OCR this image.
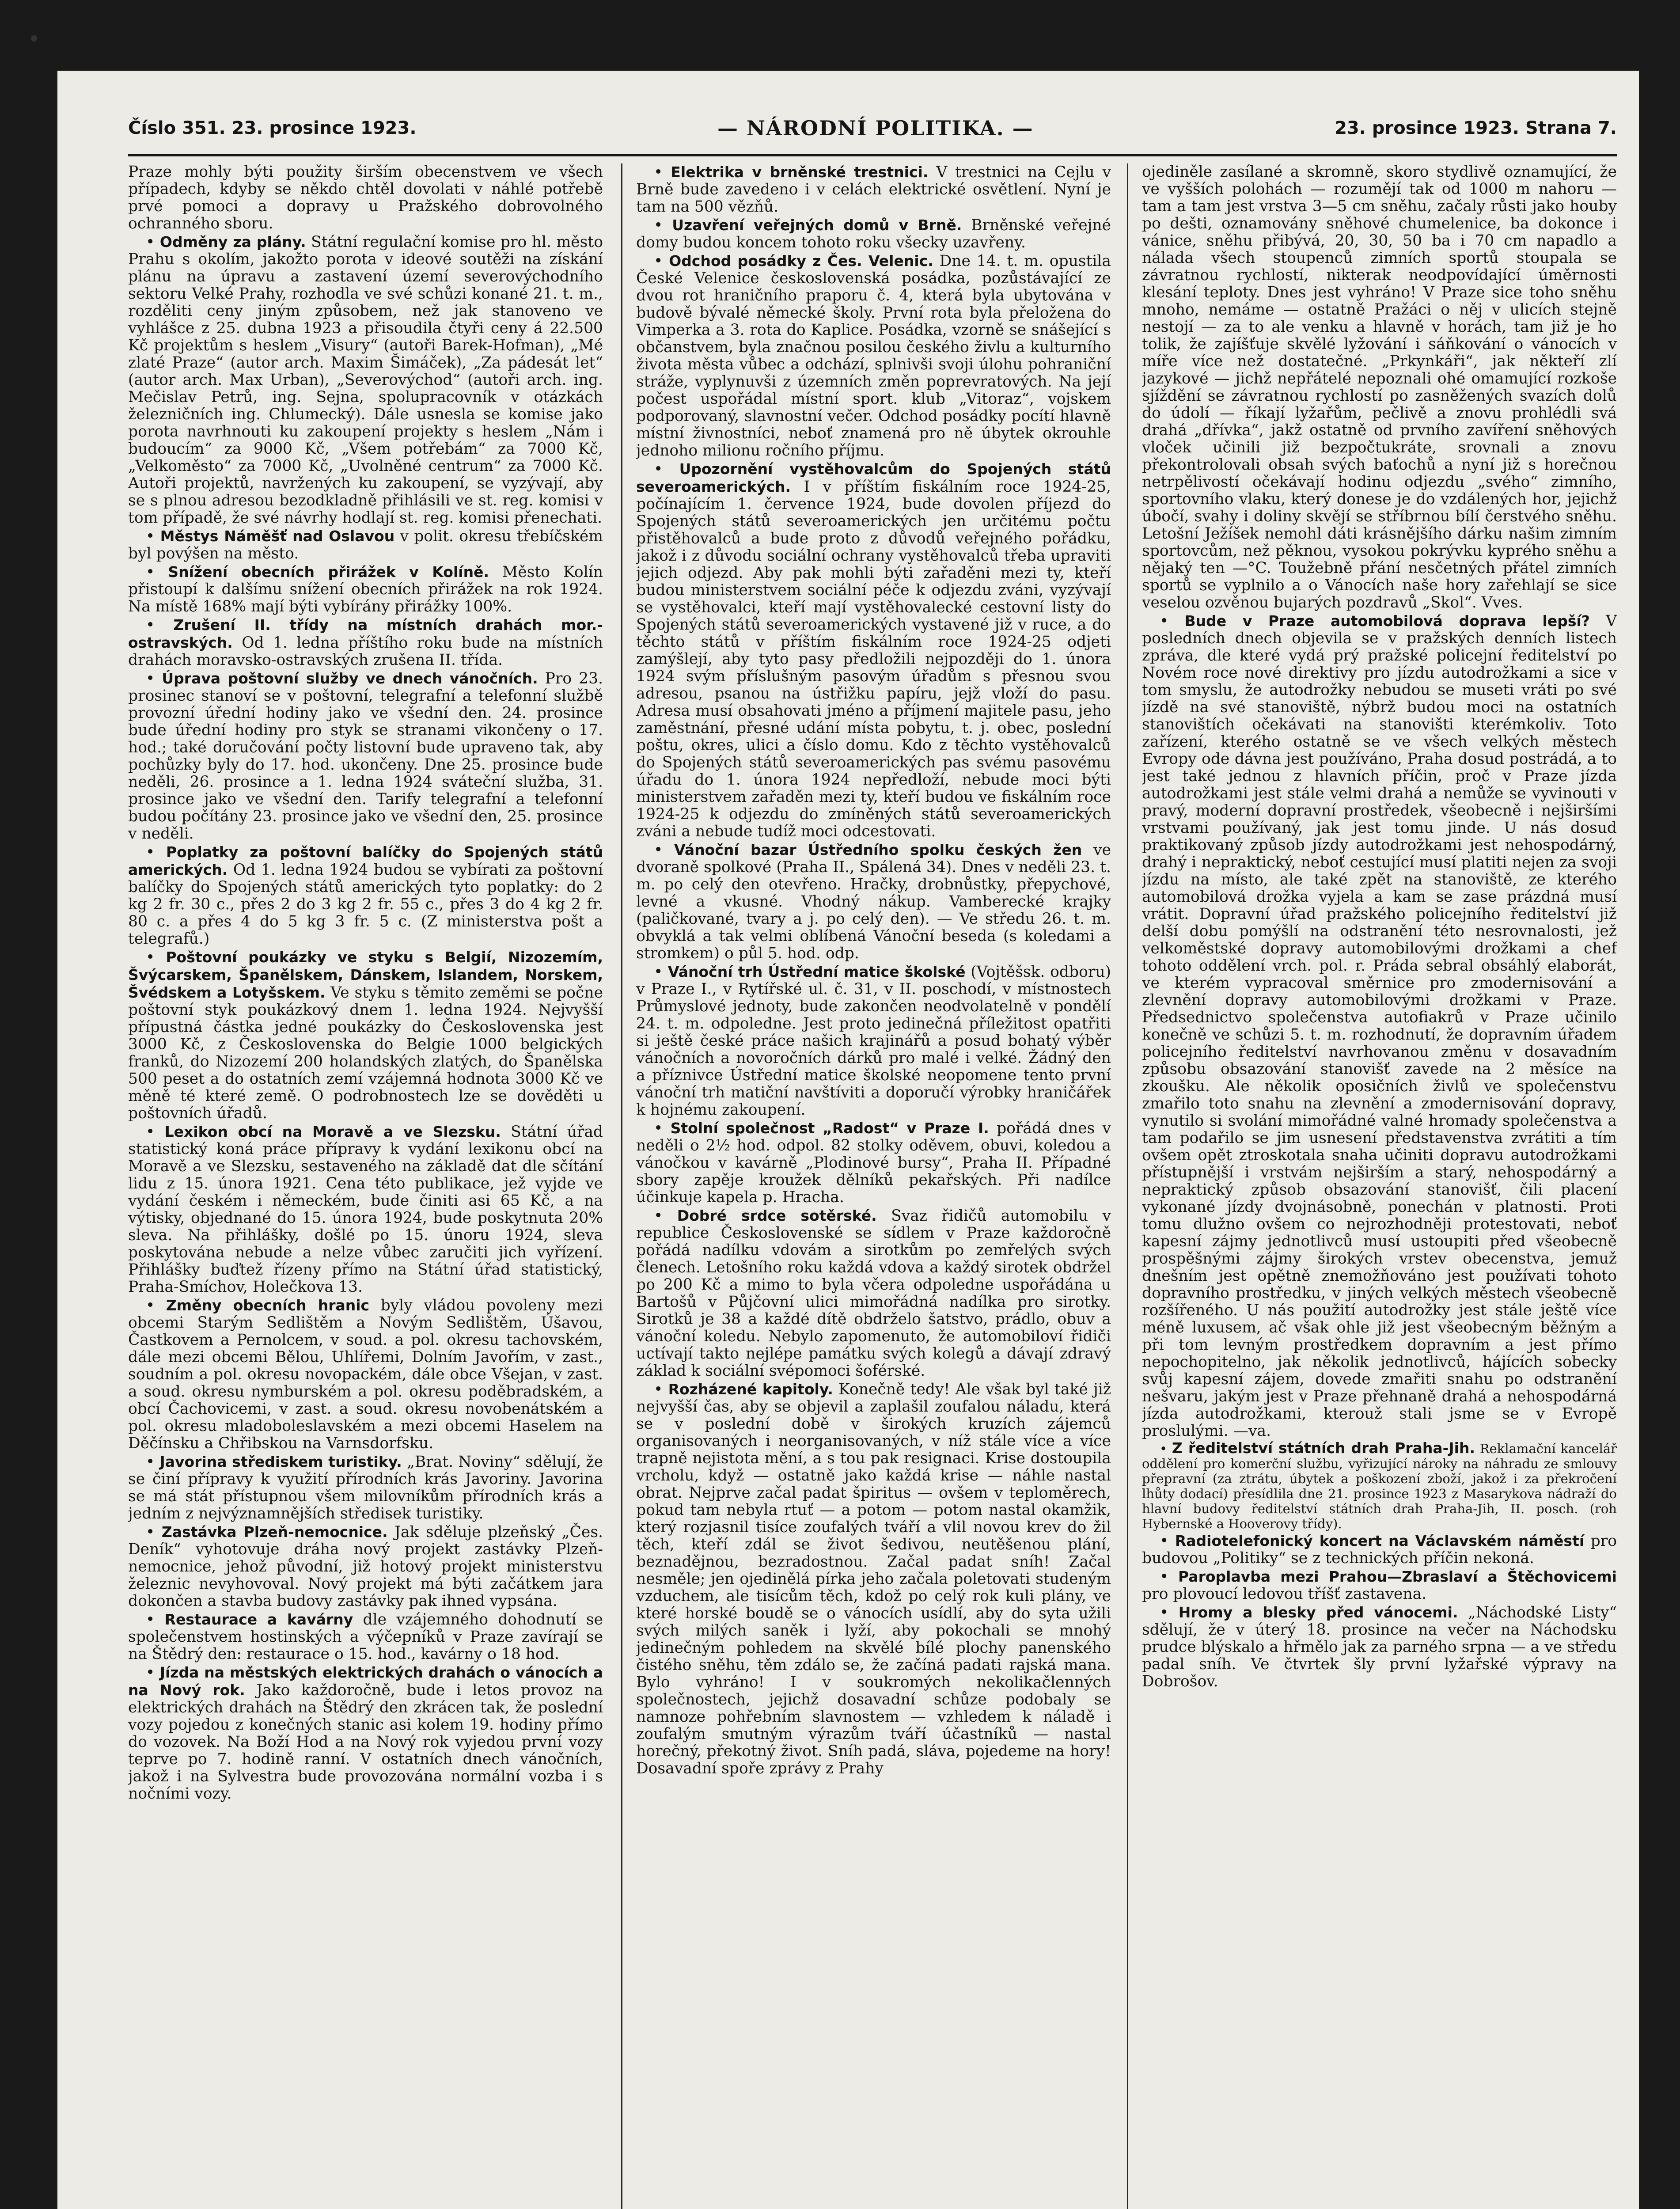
Číslo 351. 23. prosince 1923.	— NÁRODNÍ POLITIKA. —	23. prosince 1923. Strana 7.

Praze mohly býti použity širším obecenstvem ve všech případech, kdyby se někdo chtěl dovolati v náhlé potřebě prvé pomoci a dopravy u Pražského dobrovolného ochranného sboru.

• Odměny za plány. Státní regulační komise pro hl. město Prahu s okolím, jakožto porota v ideové soutěži na získání plánu na úpravu a zastavení území severovýchodního sektoru Velké Prahy, rozhodla ve své schůzi konané 21. t. m., rozděliti ceny jiným způsobem, než jak stanoveno ve vyhlášce z 25. dubna 1923 a přisoudila čtyři ceny á 22.500 Kč projektům s heslem „Visury“ (autoři Barek-Hofman), „Mé zlaté Praze“ (autor arch. Maxim Šimáček), „Za pádesát let“ (autor arch. Max Urban), „Severovýchod“ (autoři arch. ing. Mečislav Petrů, ing. Sejna, spolupracovník v otázkách železničních ing. Chlumecký). Dále usnesla se komise jako porota navrhnouti ku zakoupení projekty s heslem „Nám i budoucím“ za 9000 Kč, „Všem potřebám“ za 7000 Kč, „Velkoměsto“ za 7000 Kč, „Uvolněné centrum“ za 7000 Kč. Autoři projektů, navržených ku zakoupení, se vyzývají, aby se s plnou adresou bezodkladně přihlásili ve st. reg. komisi v tom případě, že své návrhy hodlají st. reg. komisi přenechati.

• Městys Náměšť nad Oslavou v polit. okresu třebíčském byl povýšen na město.

• Snížení obecních přirážek v Kolíně. Město Kolín přistoupí k dalšímu snížení obecních přirážek na rok 1924. Na místě 168% mají býti vybírány přirážky 100%.

• Zrušení II. třídy na místních drahách mor.-ostravských. Od 1. ledna příštího roku bude na místních drahách moravsko-ostravských zrušena II. třída.

• Úprava poštovní služby ve dnech vánočních. Pro 23. prosinec stanoví se v poštovní, telegrafní a telefonní službě provozní úřední hodiny jako ve všední den. 24. prosince bude úřední hodiny pro styk se stranami vikončeny o 17. hod.; také doručování počty listovní bude upraveno tak, aby pochůzky byly do 17. hod. ukončeny. Dne 25. prosince bude neděli, 26. prosince a 1. ledna 1924 sváteční služba, 31. prosince jako ve všední den. Tarify telegrafní a telefonní budou počítány 23. prosince jako ve všední den, 25. prosince v neděli.

• Poplatky za poštovní balíčky do Spojených států amerických. Od 1. ledna 1924 budou se vybírati za poštovní balíčky do Spojených států amerických tyto poplatky: do 2 kg 2 fr. 30 c., přes 2 do 3 kg 2 fr. 55 c., přes 3 do 4 kg 2 fr. 80 c. a přes 4 do 5 kg 3 fr. 5 c. (Z ministerstva pošt a telegrafů.)

• Poštovní poukázky ve styku s Belgií, Nizozemím, Švýcarskem, Španělskem, Dánskem, Islandem, Norskem, Švédskem a Lotyšskem. Ve styku s těmito zeměmi se počne poštovní styk poukázkový dnem 1. ledna 1924. Nejvyšší přípustná částka jedné poukázky do Československa jest 3000 Kč, z Československa do Belgie 1000 belgických franků, do Nizozemí 200 holandských zlatých, do Španělska 500 peset a do ostatních zemí vzájemná hodnota 3000 Kč ve měně té které země. O podrobnostech lze se dověděti u poštovních úřadů.

• Lexikon obcí na Moravě a ve Slezsku. Státní úřad statistický koná práce přípravy k vydání lexikonu obcí na Moravě a ve Slezsku, sestaveného na základě dat dle sčítání lidu z 15. února 1921. Cena této publikace, jež vyjde ve vydání českém i německém, bude činiti asi 65 Kč, a na výtisky, objednané do 15. února 1924, bude poskytnuta 20% sleva. Na přihlášky, došlé po 15. únoru 1924, sleva poskytována nebude a nelze vůbec zaručiti jich vyřízení. Přihlášky buďtež řízeny přímo na Státní úřad statistický, Praha-Smíchov, Holečkova 13.

• Změny obecních hranic byly vládou povoleny mezi obcemi Starým Sedlištěm a Novým Sedlištěm, Úšavou, Častkovem a Pernolcem, v soud. a pol. okresu tachovském, dále mezi obcemi Bělou, Uhlířemi, Dolním Javořím, v zast., soudním a pol. okresu novopackém, dále obce Všejan, v zast. a soud. okresu nymburském a pol. okresu poděbradském, a obcí Čachovicemi, v zast. a soud. okresu novobenátském a pol. okresu mladoboleslavském a mezi obcemi Haselem na Děčínsku a Chřibskou na Varnsdorfsku.

• Javorina střediskem turistiky. „Brat. Noviny“ sdělují, že se činí přípravy k využití přírodních krás Javoriny. Javorina se má stát přístupnou všem milovníkům přírodních krás a jedním z nejvýznamnějších středisek turistiky.

• Zastávka Plzeň-nemocnice. Jak sděluje plzeňský „Čes. Deník“ vyhotovuje dráha nový projekt zastávky Plzeň-nemocnice, jehož původní, již hotový projekt ministerstvu železnic nevyhovoval. Nový projekt má býti začátkem jara dokončen a stavba budovy zastávky pak ihned vypsána.

• Restaurace a kavárny dle vzájemného dohodnutí se společenstvem hostinských a výčepníků v Praze zavírají se na Štědrý den: restaurace o 15. hod., kavárny o 18 hod.

• Jízda na městských elektrických drahách o vánocích a na Nový rok. Jako každoročně, bude i letos provoz na elektrických drahách na Štědrý den zkrácen tak, že poslední vozy pojedou z konečných stanic asi kolem 19. hodiny přímo do vozovek. Na Boží Hod a na Nový rok vyjedou první vozy teprve po 7. hodině ranní. V ostatních dnech vánočních, jakož i na Sylvestra bude provozována normální vozba i s nočními vozy.

• Elektrika v brněnské trestnici. V trestnici na Cejlu v Brně bude zavedeno i v celách elektrické osvětlení. Nyní je tam na 500 vězňů.

• Uzavření veřejných domů v Brně. Brněnské veřejné domy budou koncem tohoto roku všecky uzavřeny.

• Odchod posádky z Čes. Velenic. Dne 14. t. m. opustila České Velenice československá posádka, pozůstávající ze dvou rot hraničního praporu č. 4, která byla ubytována v budově bývalé německé školy. První rota byla přeložena do Vimperka a 3. rota do Kaplice. Posádka, vzorně se snášející s občanstvem, byla značnou posilou českého živlu a kulturního života města vůbec a odchází, splnivši svoji úlohu pohraniční stráže, vyplynuvši z územních změn poprevratových. Na její počest uspořádal místní sport. klub „Vitoraz“, vojskem podporovaný, slavnostní večer. Odchod posádky pocítí hlavně místní živnostníci, neboť znamená pro ně úbytek okrouhle jednoho milionu ročního příjmu.

• Upozornění vystěhovalcům do Spojených států severoamerických. I v příštím fiskálním roce 1924-25, počínajícím 1. července 1924, bude dovolen příjezd do Spojených států severoamerických jen určitému počtu přistěhovalců a bude proto z důvodů veřejného pořádku, jakož i z důvodu sociální ochrany vystěhovalců třeba upraviti jejich odjezd. Aby pak mohli býti zařaděni mezi ty, kteří budou ministerstvem sociální péče k odjezdu zváni, vyzývají se vystěhovalci, kteří mají vystěhovalecké cestovní listy do Spojených států severoamerických vystavené již v ruce, a do těchto států v příštím fiskálním roce 1924-25 odjeti zamýšlejí, aby tyto pasy předložili nejpozději do 1. února 1924 svým příslušným pasovým úřadům s přesnou svou adresou, psanou na ústřižku papíru, jejž vloží do pasu. Adresa musí obsahovati jméno a příjmení majitele pasu, jeho zaměstnání, přesné udání místa pobytu, t. j. obec, poslední poštu, okres, ulici a číslo domu. Kdo z těchto vystěhovalců do Spojených států severoamerických pas svému pasovému úřadu do 1. února 1924 nepředloží, nebude moci býti ministerstvem zařaděn mezi ty, kteří budou ve fiskálním roce 1924-25 k odjezdu do zmíněných států severoamerických zváni a nebude tudíž moci odcestovati.

• Vánoční bazar Ústředního spolku českých žen ve dvoraně spolkové (Praha II., Spálená 34). Dnes v neděli 23. t. m. po celý den otevřeno. Hračky, drobnůstky, přepychové, levné a vkusné. Vhodný nákup. Vamberecké krajky (paličkované, tvary a j. po celý den). — Ve středu 26. t. m. obvyklá a tak velmi oblíbená Vánoční beseda (s koledami a stromkem) o půl 5. hod. odp.

• Vánoční trh Ústřední matice školské (Vojtěšsk. odboru) v Praze I., v Rytířské ul. č. 31, v II. poschodí, v místnostech Průmyslové jednoty, bude zakončen neodvolatelně v pondělí 24. t. m. odpoledne. Jest proto jedinečná příležitost opatřiti si ještě české práce našich krajinářů a posud bohatý výběr vánočních a novoročních dárků pro malé i velké. Žádný den a příznivce Ústřední matice školské neopomene tento první vánoční trh matiční navštíviti a doporučí výrobky hraničářek k hojnému zakoupení.

• Stolní společnost „Radost“ v Praze I. pořádá dnes v neděli o 2½ hod. odpol. 82 stolky oděvem, obuvi, koledou a vánočkou v kavárně „Plodinové bursy“, Praha II. Případné sbory zapěje kroužek dělníků pekařských. Při nadílce účinkuje kapela p. Hracha.

• Dobré srdce sotěrské. Svaz řidičů automobilu v republice Československé se sídlem v Praze každoročně pořádá nadílku vdovám a sirotkům po zemřelých svých členech. Letošního roku každá vdova a každý sirotek obdržel po 200 Kč a mimo to byla včera odpoledne uspořádána u Bartošů v Půjčovní ulici mimořádná nadílka pro sirotky. Sirotků je 38 a každé dítě obdrželo šatstvo, prádlo, obuv a vánoční koledu. Nebylo zapomenuto, že automobiloví řidiči uctívají takto nejlépe památku svých kolegů a dávají zdravý základ k sociální svépomoci šoférské.

• Rozházené kapitoly. Konečně tedy! Ale však byl také již nejvyšší čas, aby se objevil a zaplašil zoufalou náladu, která se v poslední době v širokých kruzích zájemců organisovaných i neorganisovaných, v níž stále více a více trapně nejistota mění, a s tou pak resignaci. Krise dostoupila vrcholu, když — ostatně jako každá krise — náhle nastal obrat. Nejprve začal padat špiritus — ovšem v teploměrech, pokud tam nebyla rtuť — a potom — potom nastal okamžik, který rozjasnil tisíce zoufalých tváří a vlil novou krev do žil těch, kteří zdál se život šedivou, neutěšenou plání, beznadějnou, bezradostnou. Začal padat sníh! Začal nesměle; jen ojedinělá pírka jeho začala poletovati studeným vzduchem, ale tisícům těch, kdož po celý rok kuli plány, ve které horské boudě se o vánocích usídlí, aby do syta užili svých milých saněk i lyží, aby pokochali se mnohý jedinečným pohledem na skvělé bílé plochy panenského čistého sněhu, těm zdálo se, že začíná padati rajská mana. Bylo vyhráno! I v soukromých nekolikačlenných společnostech, jejichž dosavadní schůze podobaly se namnoze pohřebním slavnostem — vzhledem k náladě i zoufalým smutným výrazům tváří účastníků — nastal horečný, překotný život. Sníh padá, sláva, pojedeme na hory! Dosavadní spoře zprávy z Prahy

ojediněle zasílané a skromně, skoro stydlivě oznamující, že ve vyšších polohách — rozumějí tak od 1000 m nahoru — tam a tam jest vrstva 3—5 cm sněhu, začaly růsti jako houby po dešti, oznamovány sněhové chumelenice, ba dokonce i vánice, sněhu přibývá, 20, 30, 50 ba i 70 cm napadlo a nálada všech stoupenců zimních sportů stoupala se závratnou rychlostí, nikterak neodpovídající úměrnosti klesání teploty. Dnes jest vyhráno! V Praze sice toho sněhu mnoho, nemáme — ostatně Pražáci o něj v ulicích stejně nestojí — za to ale venku a hlavně v horách, tam již je ho tolik, že zajíšťuje skvělé lyžování i sáňkování o vánocích v míře více než dostatečné. „Prkynkáři“, jak někteří zlí jazykové — jichž nepřátelé nepoznali ohé omamující rozkoše sjíždění se závratnou rychlostí po zasněžených svazích dolů do údolí — říkají lyžařům, pečlivě a znovu prohlédli svá drahá „dřívka“, jakž ostatně od prvního zavíření sněhových vloček učinili již bezpočtukráte, srovnali a znovu překontrolovali obsah svých baťochů a nyní již s horečnou netrpělivostí očekávají hodinu odjezdu „svého“ zimního, sportovního vlaku, který donese je do vzdálených hor, jejichž úbočí, svahy i doliny skvějí se stříbrnou bílí čerstvého sněhu. Letošní Ježíšek nemohl dáti krásnějšího dárku našim zimním sportovcům, než pěknou, vysokou pokrývku kyprého sněhu a nějaký ten —°C. Toužebně přání nesčetných přátel zimních sportů se vyplnilo a o Vánocích naše hory zařehlají se sice veselou ozvěnou bujarých pozdravů „Skol“. Vves.

• Bude v Praze automobilová doprava lepší? V posledních dnech objevila se v pražských denních listech zpráva, dle které vydá prý pražské policejní ředitelství po Novém roce nové direktivy pro jízdu autodrožkami a sice v tom smyslu, že autodrožky nebudou se museti vráti po své jízdě na své stanoviště, nýbrž budou moci na ostatních stanovištích očekávati na stanovišti kterémkoliv. Toto zařízení, kterého ostatně se ve všech velkých městech Evropy ode dávna jest používáno, Praha dosud postrádá, a to jest také jednou z hlavních příčin, proč v Praze jízda autodrožkami jest stále velmi drahá a nemůže se vyvinouti v pravý, moderní dopravní prostředek, všeobecně i nejširšími vrstvami používaný, jak jest tomu jinde. U nás dosud praktikovaný způsob jízdy autodrožkami jest nehospodárný, drahý i nepraktický, neboť cestující musí platiti nejen za svoji jízdu na místo, ale také zpět na stanoviště, ze kterého automobilová drožka vyjela a kam se zase prázdná musí vrátit. Dopravní úřad pražského policejního ředitelství již delší dobu pomýšlí na odstranění této nesrovnalosti, jež velkoměstské dopravy automobilovými drožkami a chef tohoto oddělení vrch. pol. r. Práda sebral obsáhlý elaborát, ve kterém vypracoval směrnice pro zmodernisování a zlevnění dopravy automobilovými drožkami v Praze. Předsednictvo společenstva autofiakrů v Praze učinilo konečně ve schůzi 5. t. m. rozhodnutí, že dopravním úřadem policejního ředitelství navrhovanou změnu v dosavadním způsobu obsazování stanovišť zavede na 2 měsíce na zkoušku. Ale několik oposičních živlů ve společenstvu zmařilo toto snahu na zlevnění a zmodernisování dopravy, vynutilo si svolání mimořádné valné hromady společenstva a tam podařilo se jim usnesení představenstva zvrátiti a tím ovšem opět ztroskotala snaha učiniti dopravu autodrožkami přístupnější i vrstvám nejširším a starý, nehospodárný a nepraktický způsob obsazování stanovišť, čili placení vykonané jízdy dvojnásobně, ponechán v platnosti. Proti tomu dlužno ovšem co nejrozhodněji protestovati, neboť kapesní zájmy jednotlivců musí ustoupiti před všeobecně prospěšnými zájmy širokých vrstev obecenstva, jemuž dnešním jest opětně znemožňováno jest používati tohoto dopravního prostředku, v jiných velkých městech všeobecně rozšířeného. U nás použití autodrožky jest stále ještě více méně luxusem, ač však ohle již jest všeobecným běžným a při tom levným prostředkem dopravním a jest přímo nepochopitelno, jak několik jednotlivců, hájících sobecky svůj kapesní zájem, dovede zmařiti snahu po odstranění nešvaru, jakým jest v Praze přehnaně drahá a nehospodárná jízda autodrožkami, kterouž stali jsme se v Evropě proslulými. —va.

• Z ředitelství státních drah Praha-Jih. Reklamační kancelář oddělení pro komerční službu, vyřizující nároky na náhradu ze smlouvy přepravní (za ztrátu, úbytek a poškození zboží, jakož i za překročení lhůty dodací) přesídlila dne 21. prosince 1923 z Masarykova nádraží do hlavní budovy ředitelství státních drah Praha-Jih, II. posch. (roh Hybernské a Hooverovy třídy).

• Radiotelefonický koncert na Václavském náměstí pro budovou „Politiky“ se z technických příčin nekoná.

• Paroplavba mezi Prahou—Zbraslaví a Štěchovicemi pro plovoucí ledovou tříšť zastavena.

• Hromy a blesky před vánocemi. „Náchodské Listy“ sdělují, že v úterý 18. prosince na večer na Náchodsku prudce blýskalo a hřmělo jak za parného srpna — a ve středu padal sníh. Ve čtvrtek šly první lyžařské výpravy na Dobrošov.
